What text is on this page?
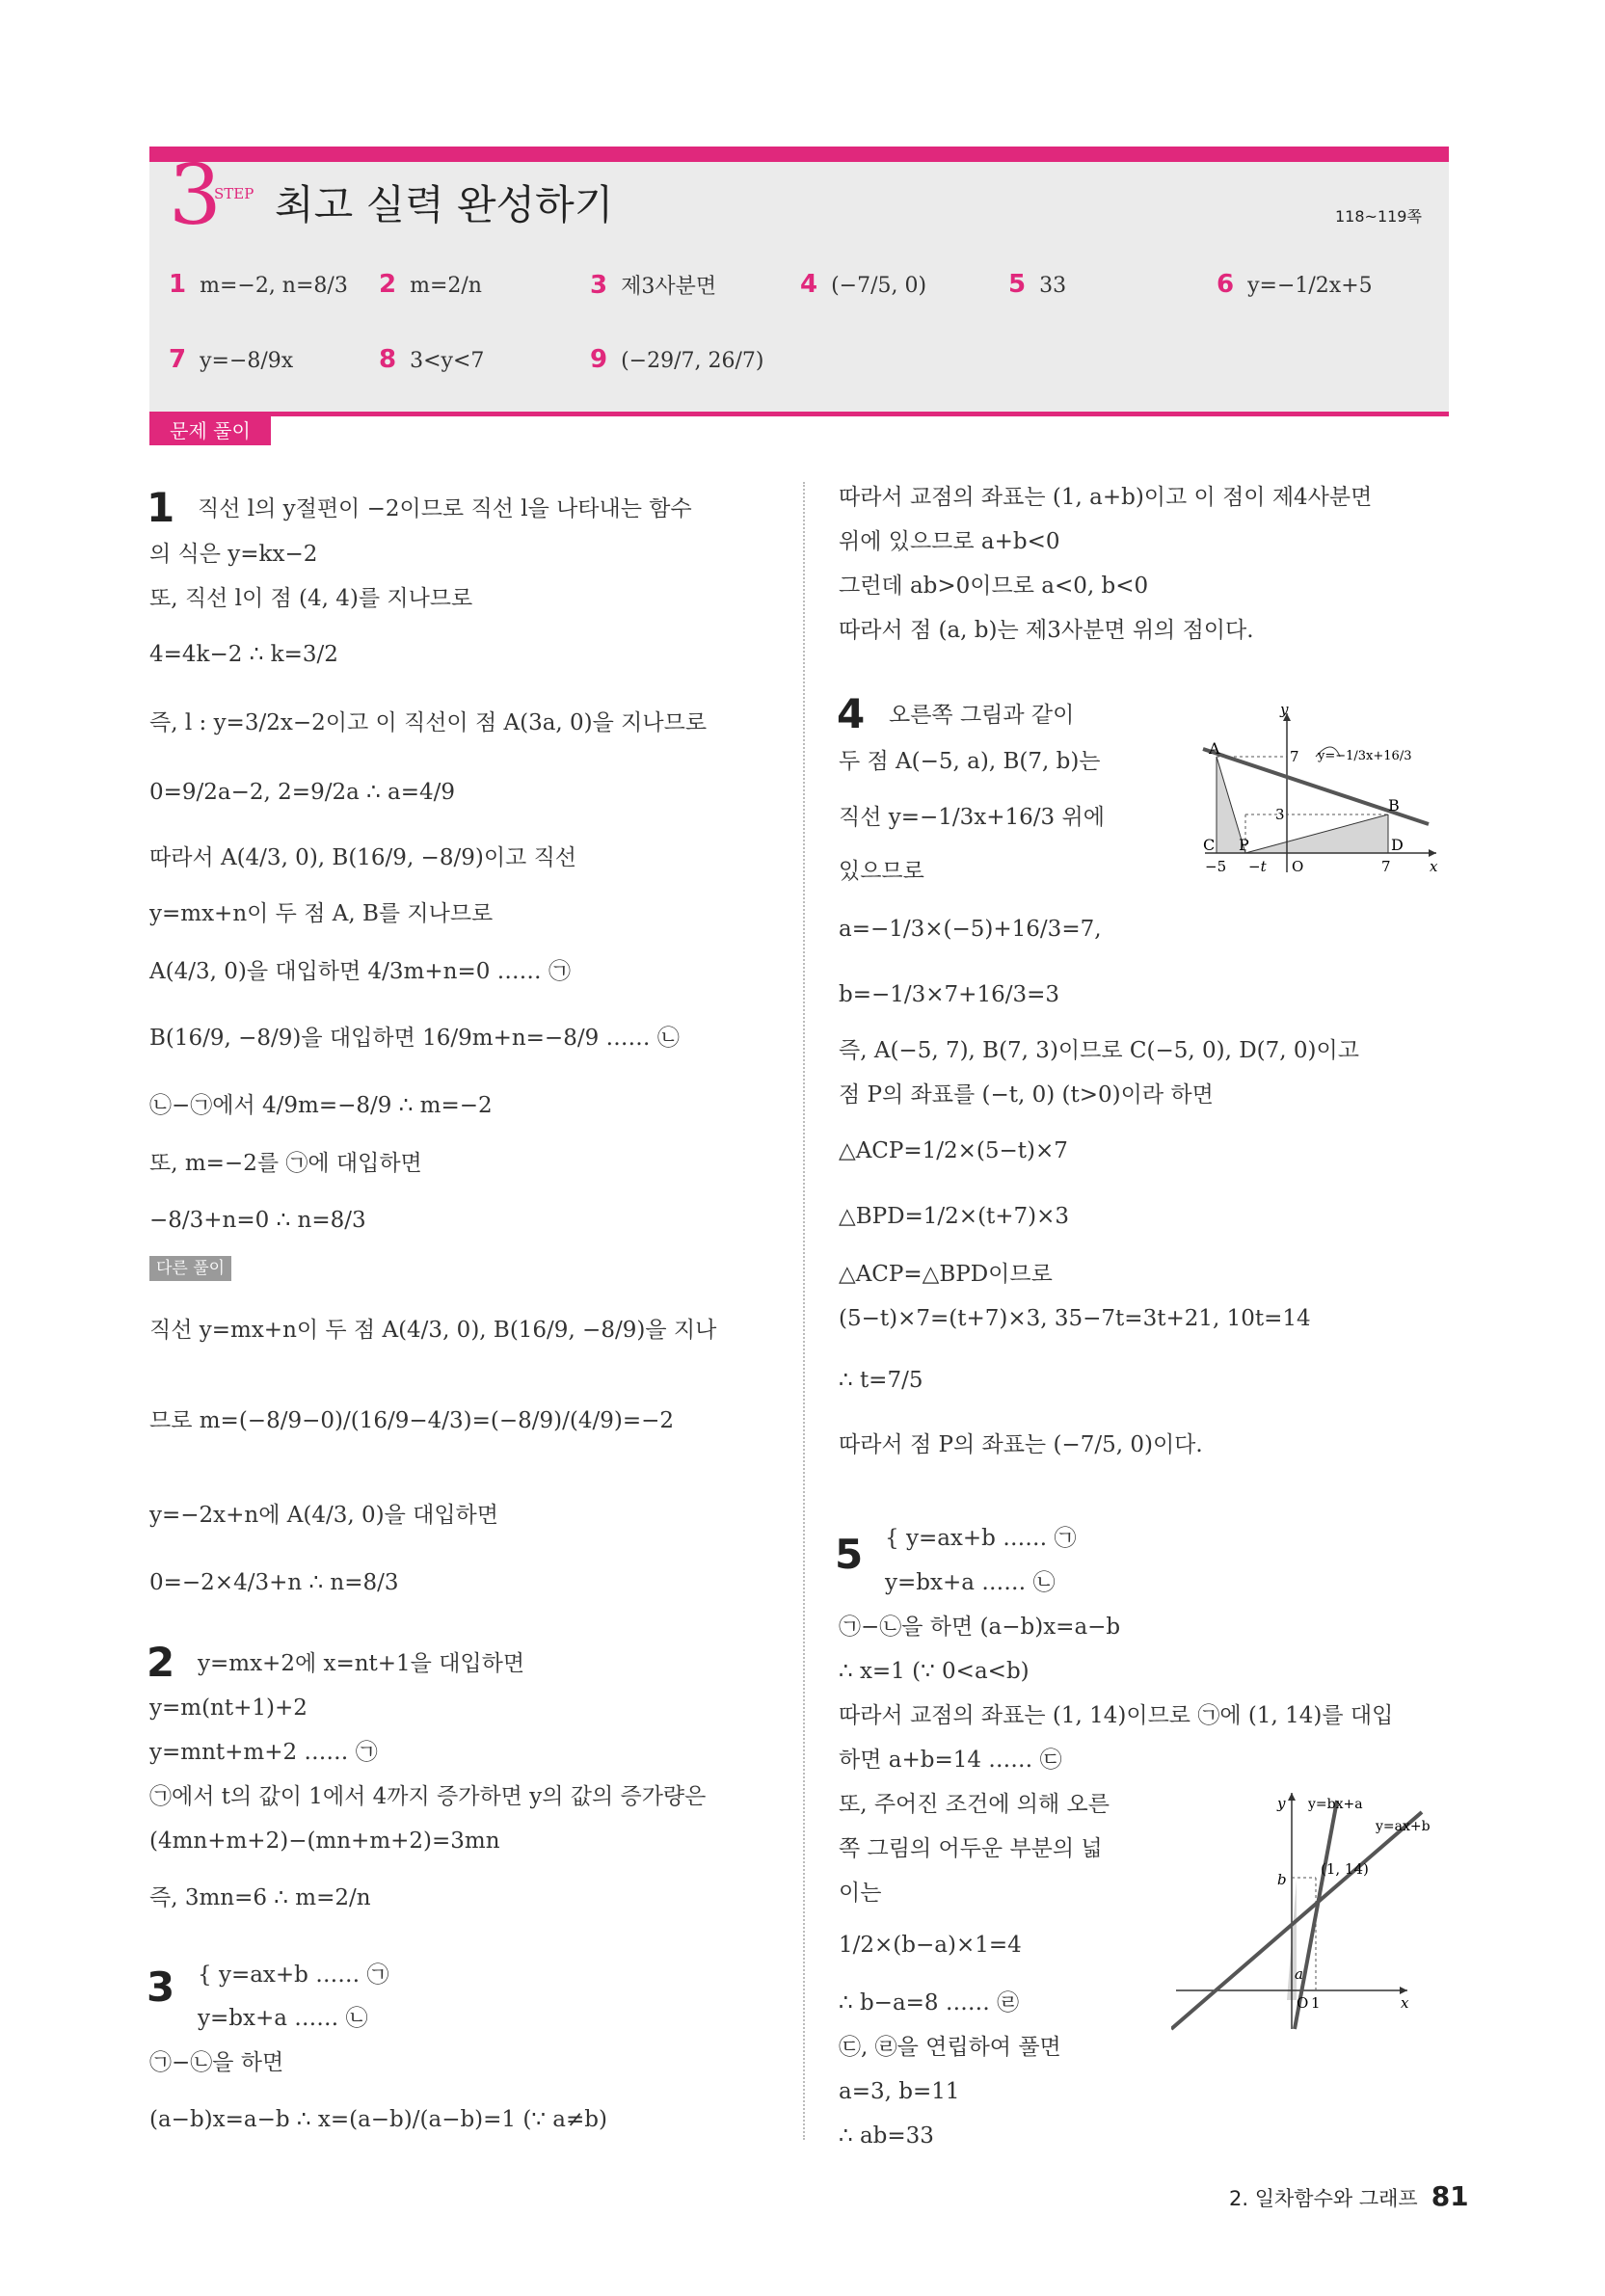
3
STEP 최고 실력 완성하기	118~119쪽
1 m=−2, n=8/3 2 m=2/n	3 제3사분면	4 (−7/5, 0)	5 33	6 y=−1/2x+5
7 y=−8/9x	8 3<y<7	9 (−29/7, 26/7)
문제 풀이
1 직선 l의 y절편이 −2이므로 직선 l을 나타내는 함수
의 식은 y=kx−2
또, 직선 l이 점 (4, 4)를 지나므로
4=4k−2 ∴ k=3/2
즉, l : y=3/2x−2이고 이 직선이 점 A(3a, 0)을 지나므로
0=9/2a−2, 2=9/2a ∴ a=4/9
따라서 A(4/3, 0), B(16/9, −8/9)이고 직선
y=mx+n이 두 점 A, B를 지나므로
A(4/3, 0)을 대입하면 4/3m+n=0 …… ㉠
B(16/9, −8/9)을 대입하면 16/9m+n=−8/9 …… ㉡
㉡−㉠에서 4/9m=−8/9 ∴ m=−2
또, m=−2를 ㉠에 대입하면
−8/3+n=0 ∴ n=8/3
다른 풀이
직선 y=mx+n이 두 점 A(4/3, 0), B(16/9, −8/9)을 지나
므로 m=(−8/9−0)/(16/9−4/3)=(−8/9)/(4/9)=−2
y=−2x+n에 A(4/3, 0)을 대입하면
0=−2×4/3+n ∴ n=8/3
2 y=mx+2에 x=nt+1을 대입하면
y=m(nt+1)+2
y=mnt+m+2 …… ㉠
㉠에서 t의 값이 1에서 4까지 증가하면 y의 값의 증가량은
(4mn+m+2)−(mn+m+2)=3mn
즉, 3mn=6 ∴ m=2/n
3 { y=ax+b …… ㉠
y=bx+a …… ㉡
㉠−㉡을 하면
(a−b)x=a−b ∴ x=(a−b)/(a−b)=1 (∵ a≠b)
따라서 교점의 좌표는 (1, a+b)이고 이 점이 제4사분면
위에 있으므로 a+b<0
그런데 ab>0이므로 a<0, b<0
따라서 점 (a, b)는 제3사분면 위의 점이다.
4 오른쪽 그림과 같이
두 점 A(−5, a), B(7, b)는
직선 y=−1/3x+16/3 위에
있으므로
a=−1/3×(−5)+16/3=7,
b=−1/3×7+16/3=3
즉, A(−5, 7), B(7, 3)이므로 C(−5, 0), D(7, 0)이고
점 P의 좌표를 (−t, 0) (t>0)이라 하면
△ACP=1/2×(5−t)×7
△BPD=1/2×(t+7)×3
△ACP=△BPD이므로
(5−t)×7=(t+7)×3, 35−7t=3t+21, 10t=14
∴ t=7/5
따라서 점 P의 좌표는 (−7/5, 0)이다.
5 { y=ax+b …… ㉠
y=bx+a …… ㉡
㉠−㉡을 하면 (a−b)x=a−b
∴ x=1 (∵ 0<a<b)
따라서 교점의 좌표는 (1, 14)이므로 ㉠에 (1, 14)를 대입
하면 a+b=14 …… ㉢
또, 주어진 조건에 의해 오른
쪽 그림의 어두운 부분의 넓
이는
1/2×(b−a)×1=4
∴ b−a=8 …… ㉣
㉢, ㉣을 연립하여 풀면
a=3, b=11
∴ ab=33
y
A	7 y=−1/3x+16/3
3	B
C P	D
−5 −t O	7	x
y y=bx+a
y=ax+b
(1, 14)
b
a
O 1	x
2. 일차함수와 그래프 81
